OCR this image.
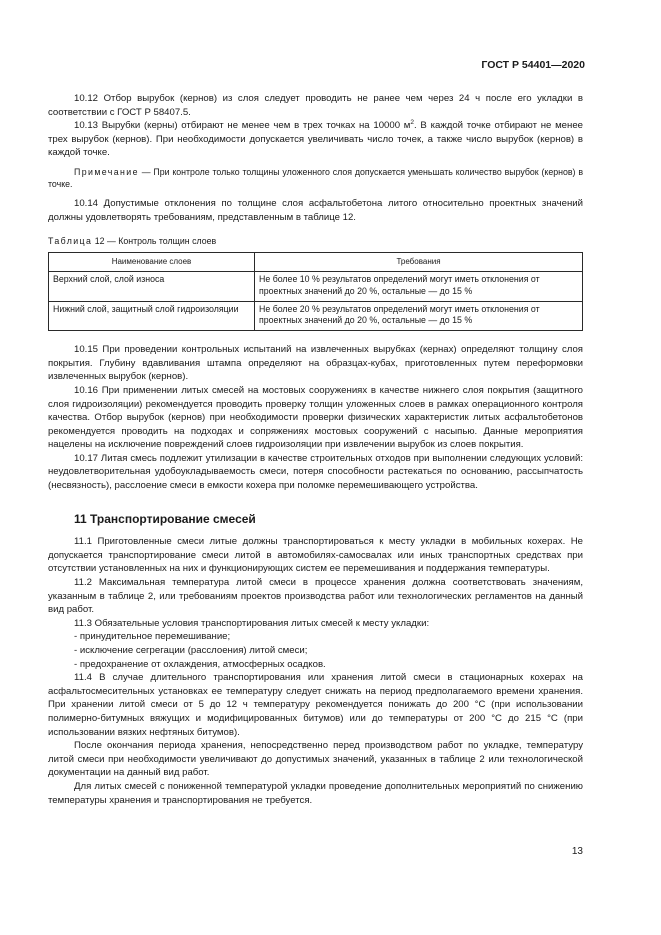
ГОСТ Р 54401—2020

10.12 Отбор вырубок (кернов) из слоя следует проводить не ранее чем через 24 ч после его укладки в соответствии с ГОСТ Р 58407.5.

10.13 Вырубки (керны) отбирают не менее чем в трех точках на 10000 $м^2$. В каждой точке отбирают не менее трех вырубок (кернов). При необходимости допускается увеличивать число точек, а также число вырубок (кернов) в каждой точке.

Примечание — При контроле только толщины уложенного слоя допускается уменьшать количество вырубок (кернов) в точке.

10.14 Допустимые отклонения по толщине слоя асфальтобетона литого относительно проектных значений должны удовлетворять требованиям, представленным в таблице 12.

Таблица 12 — Контроль толщин слоев
Наименование слоев	Требования
Верхний слой, слой износа	Не более 10 % результатов определений могут иметь отклонения от проектных значений до 20 %, остальные — до 15 %
Нижний слой, защитный слой гидроизоляции	Не более 20 % результатов определений могут иметь отклонения от проектных значений до 20 %, остальные — до 15 %

10.15 При проведении контрольных испытаний на извлеченных вырубках (кернах) определяют толщину слоя покрытия. Глубину вдавливания штампа определяют на образцах-кубах, приготовленных путем переформовки извлеченных вырубок (кернов).

10.16 При применении литых смесей на мостовых сооружениях в качестве нижнего слоя покрытия (защитного слоя гидроизоляции) рекомендуется проводить проверку толщин уложенных слоев в рамках операционного контроля качества. Отбор вырубок (кернов) при необходимости проверки физических характеристик литых асфальтобетонов рекомендуется проводить на подходах и сопряжениях мостовых сооружений с насыпью. Данные мероприятия нацелены на исключение повреждений слоев гидроизоляции при извлечении вырубок из слоев покрытия.

10.17 Литая смесь подлежит утилизации в качестве строительных отходов при выполнении следующих условий: неудовлетворительная удобоукладываемость смеси, потеря способности растекаться по основанию, рассыпчатость (несвязность), расслоение смеси в емкости кохера при поломке перемешивающего устройства.

11 Транспортирование смесей

11.1 Приготовленные смеси литые должны транспортироваться к месту укладки в мобильных кохерах. Не допускается транспортирование смеси литой в автомобилях-самосвалах или иных транспортных средствах при отсутствии установленных на них и функционирующих систем ее перемешивания и поддержания температуры.

11.2 Максимальная температура литой смеси в процессе хранения должна соответствовать значениям, указанным в таблице 2, или требованиям проектов производства работ или технологических регламентов на данный вид работ.

11.3 Обязательные условия транспортирования литых смесей к месту укладки:

- принудительное перемешивание;

- исключение сегрегации (расслоения) литой смеси;

- предохранение от охлаждения, атмосферных осадков.

11.4 В случае длительного транспортирования или хранения литой смеси в стационарных кохерах на асфальтосмесительных установках ее температуру следует снижать на период предполагаемого времени хранения. При хранении литой смеси от 5 до 12 ч температуру рекомендуется понижать до 200 °C (при использовании полимерно-битумных вяжущих и модифицированных битумов) или до температуры от 200 °C до 215 °C (при использовании вязких нефтяных битумов).

После окончания периода хранения, непосредственно перед производством работ по укладке, температуру литой смеси при необходимости увеличивают до допустимых значений, указанных в таблице 2 или технологической документации на данный вид работ.

Для литых смесей с пониженной температурой укладки проведение дополнительных мероприятий по снижению температуры хранения и транспортирования не требуется.

13
